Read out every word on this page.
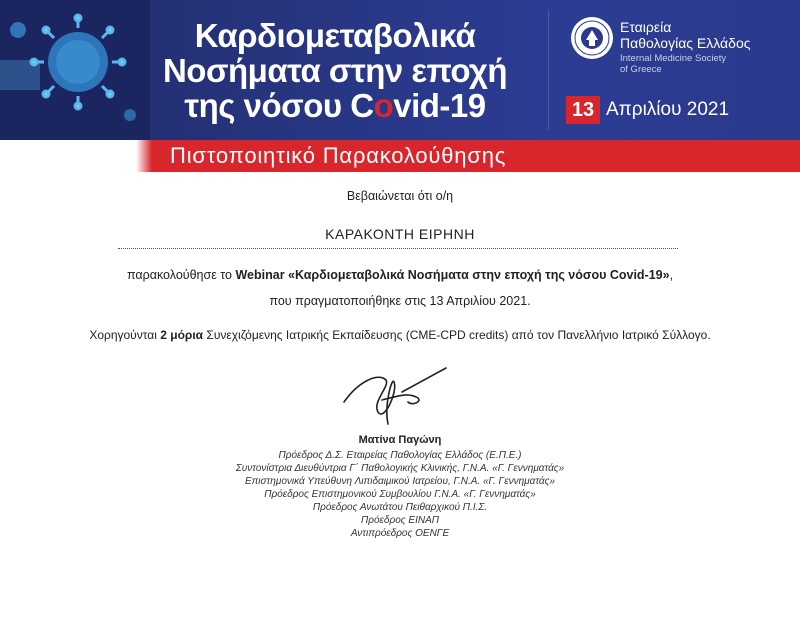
Καρδιομεταβολικά
Νοσήματα στην εποχή
της νόσου Covid-19
Εταιρεία
Παθολογίας Ελλάδος
Internal Medicine Society
of Greece
13 Απριλίου 2021
Πιστοποιητικό Παρακολούθησης
Βεβαιώνεται ότι ο/η
ΚΑΡΑΚΟΝΤΗ ΕΙΡΗΝΗ
παρακολούθησε το Webinar «Καρδιομεταβολικά Νοσήματα στην εποχή της νόσου Covid-19»,
που πραγματοποιήθηκε στις 13 Απριλίου 2021.
Χορηγούνται 2 μόρια Συνεχιζόμενης Ιατρικής Εκπαίδευσης (CME-CPD credits) από τον Πανελλήνιο Ιατρικό Σύλλογο.
Ματίνα Παγώνη
Πρόεδρος Δ.Σ. Εταιρείας Παθολογίας Ελλάδος (Ε.Π.Ε.)
Συντονίστρια Διευθύντρια Γ΄ Παθολογικής Κλινικής, Γ.Ν.Α. «Γ. Γεννηματάς»
Επιστημονικά Υπεύθυνη Λιπιδαιμικού Ιατρείου, Γ.Ν.Α. «Γ. Γεννηματάς»
Πρόεδρος Επιστημονικού Συμβουλίου Γ.Ν.Α. «Γ. Γεννηματάς»
Πρόεδρος Ανωτάτου Πειθαρχικού Π.Ι.Σ.
Πρόεδρος ΕΙΝΑΠ
Αντιπρόεδρος ΟΕΝΓΕ
